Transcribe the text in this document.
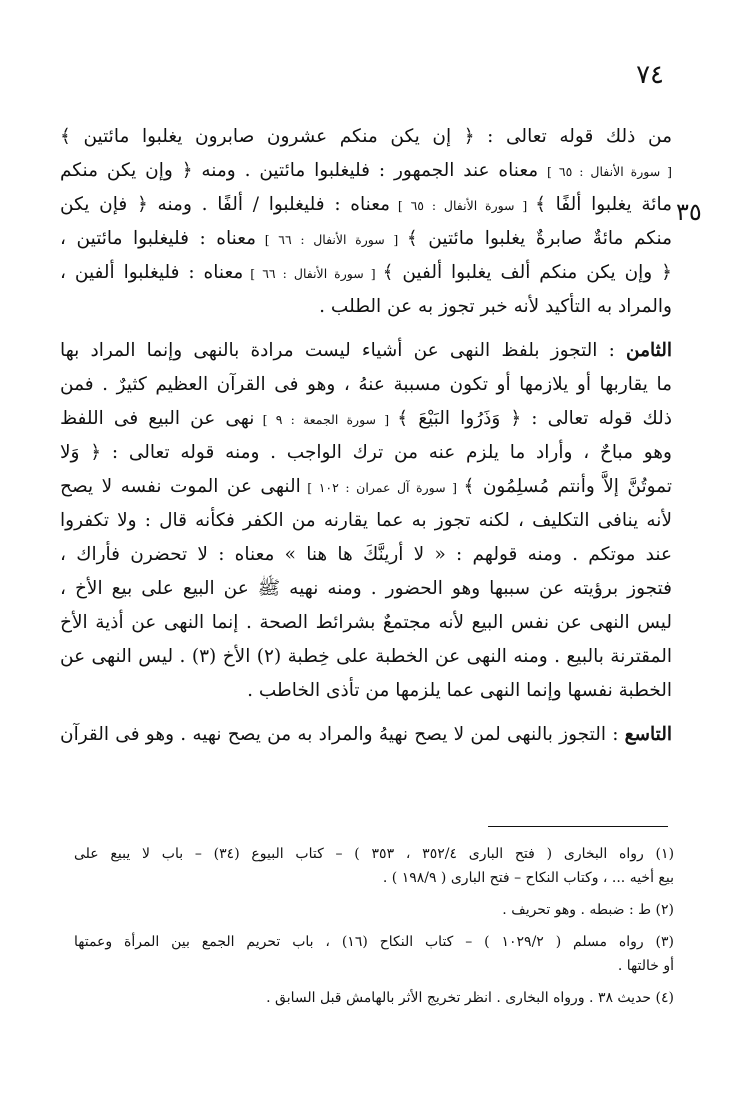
٧٤
٣٥
من ذلك قوله تعالى : ﴿ إن يكن منكم عشرون صابرون يغلبوا مائتين ﴾
[ سورة الأنفال : ٦٥ ] معناه عند الجمهور : فليغلبوا مائتين . ومنه ﴿ وإن يكن منكم
مائة يغلبوا ألفًا ﴾ [ سورة الأنفال : ٦٥ ] معناه : فليغلبوا / ألفًا . ومنه ﴿ فإن يكن
منكم مائةٌ صابرةٌ يغلبوا مائتين ﴾ [ سورة الأنفال : ٦٦ ] معناه : فليغلبوا مائتين ،
﴿ وإن يكن منكم ألف يغلبوا ألفين ﴾ [ سورة الأنفال : ٦٦ ] معناه : فليغلبوا ألفين ،
والمراد به التأكيد لأنه خبر تجوز به عن الطلب .
الثامن : التجوز بلفظ النهى عن أشياء ليست مرادة بالنهى وإنما المراد بها
ما يقاربها أو يلازمها أو تكون مسببة عنهُ ، وهو فى القرآن العظيم كثيرٌ . فمن
ذلك قوله تعالى : ﴿ وَذَرُوا البَيْعَ ﴾ [ سورة الجمعة : ٩ ] نهى عن البيع فى اللفظ
وهو مباحٌ ، وأراد ما يلزم عنه من ترك الواجب . ومنه قوله تعالى : ﴿ وَلا
تموتُنَّ إلاَّ وأنتم مُسلِمُون ﴾ [ سورة آل عمران : ١٠٢ ] النهى عن الموت نفسه لا يصح
لأنه ينافى التكليف ، لكنه تجوز به عما يقارنه من الكفر فكأنه قال : ولا تكفروا
عند موتكم . ومنه قولهم : « لا أرينَّكَ ها هنا » معناه : لا تحضرن فأراك ،
فتجوز برؤيته عن سببها وهو الحضور . ومنه نهيه ﷺ عن البيع على بيع الأخ ،
ليس النهى عن نفس البيع لأنه مجتمعٌ بشرائط الصحة . إنما النهى عن أذية الأخ
المقترنة بالبيع . ومنه النهى عن الخطبة على خِطبة (٢) الأخ (٣) . ليس النهى عن
الخطبة نفسها وإنما النهى عما يلزمها من تأذى الخاطب .
التاسع : التجوز بالنهى لمن لا يصح نهيهُ والمراد به من يصح نهيه . وهو فى القرآن
(١) رواه البخارى ( فتح البارى ٣٥٢/٤ ، ٣٥٣ ) – كتاب البيوع (٣٤) – باب لا يبيع على
بيع أخيه ... ، وكتاب النكاح – فتح البارى ( ١٩٨/٩ ) .
(٢) ط : ضبطه . وهو تحريف .
(٣) رواه مسلم ( ١٠٢٩/٢ ) – كتاب النكاح (١٦) ، باب تحريم الجمع بين المرأة وعمتها
أو خالتها .
(٤) حديث ٣٨ . ورواه البخارى . انظر تخريج الأثر بالهامش قبل السابق .
